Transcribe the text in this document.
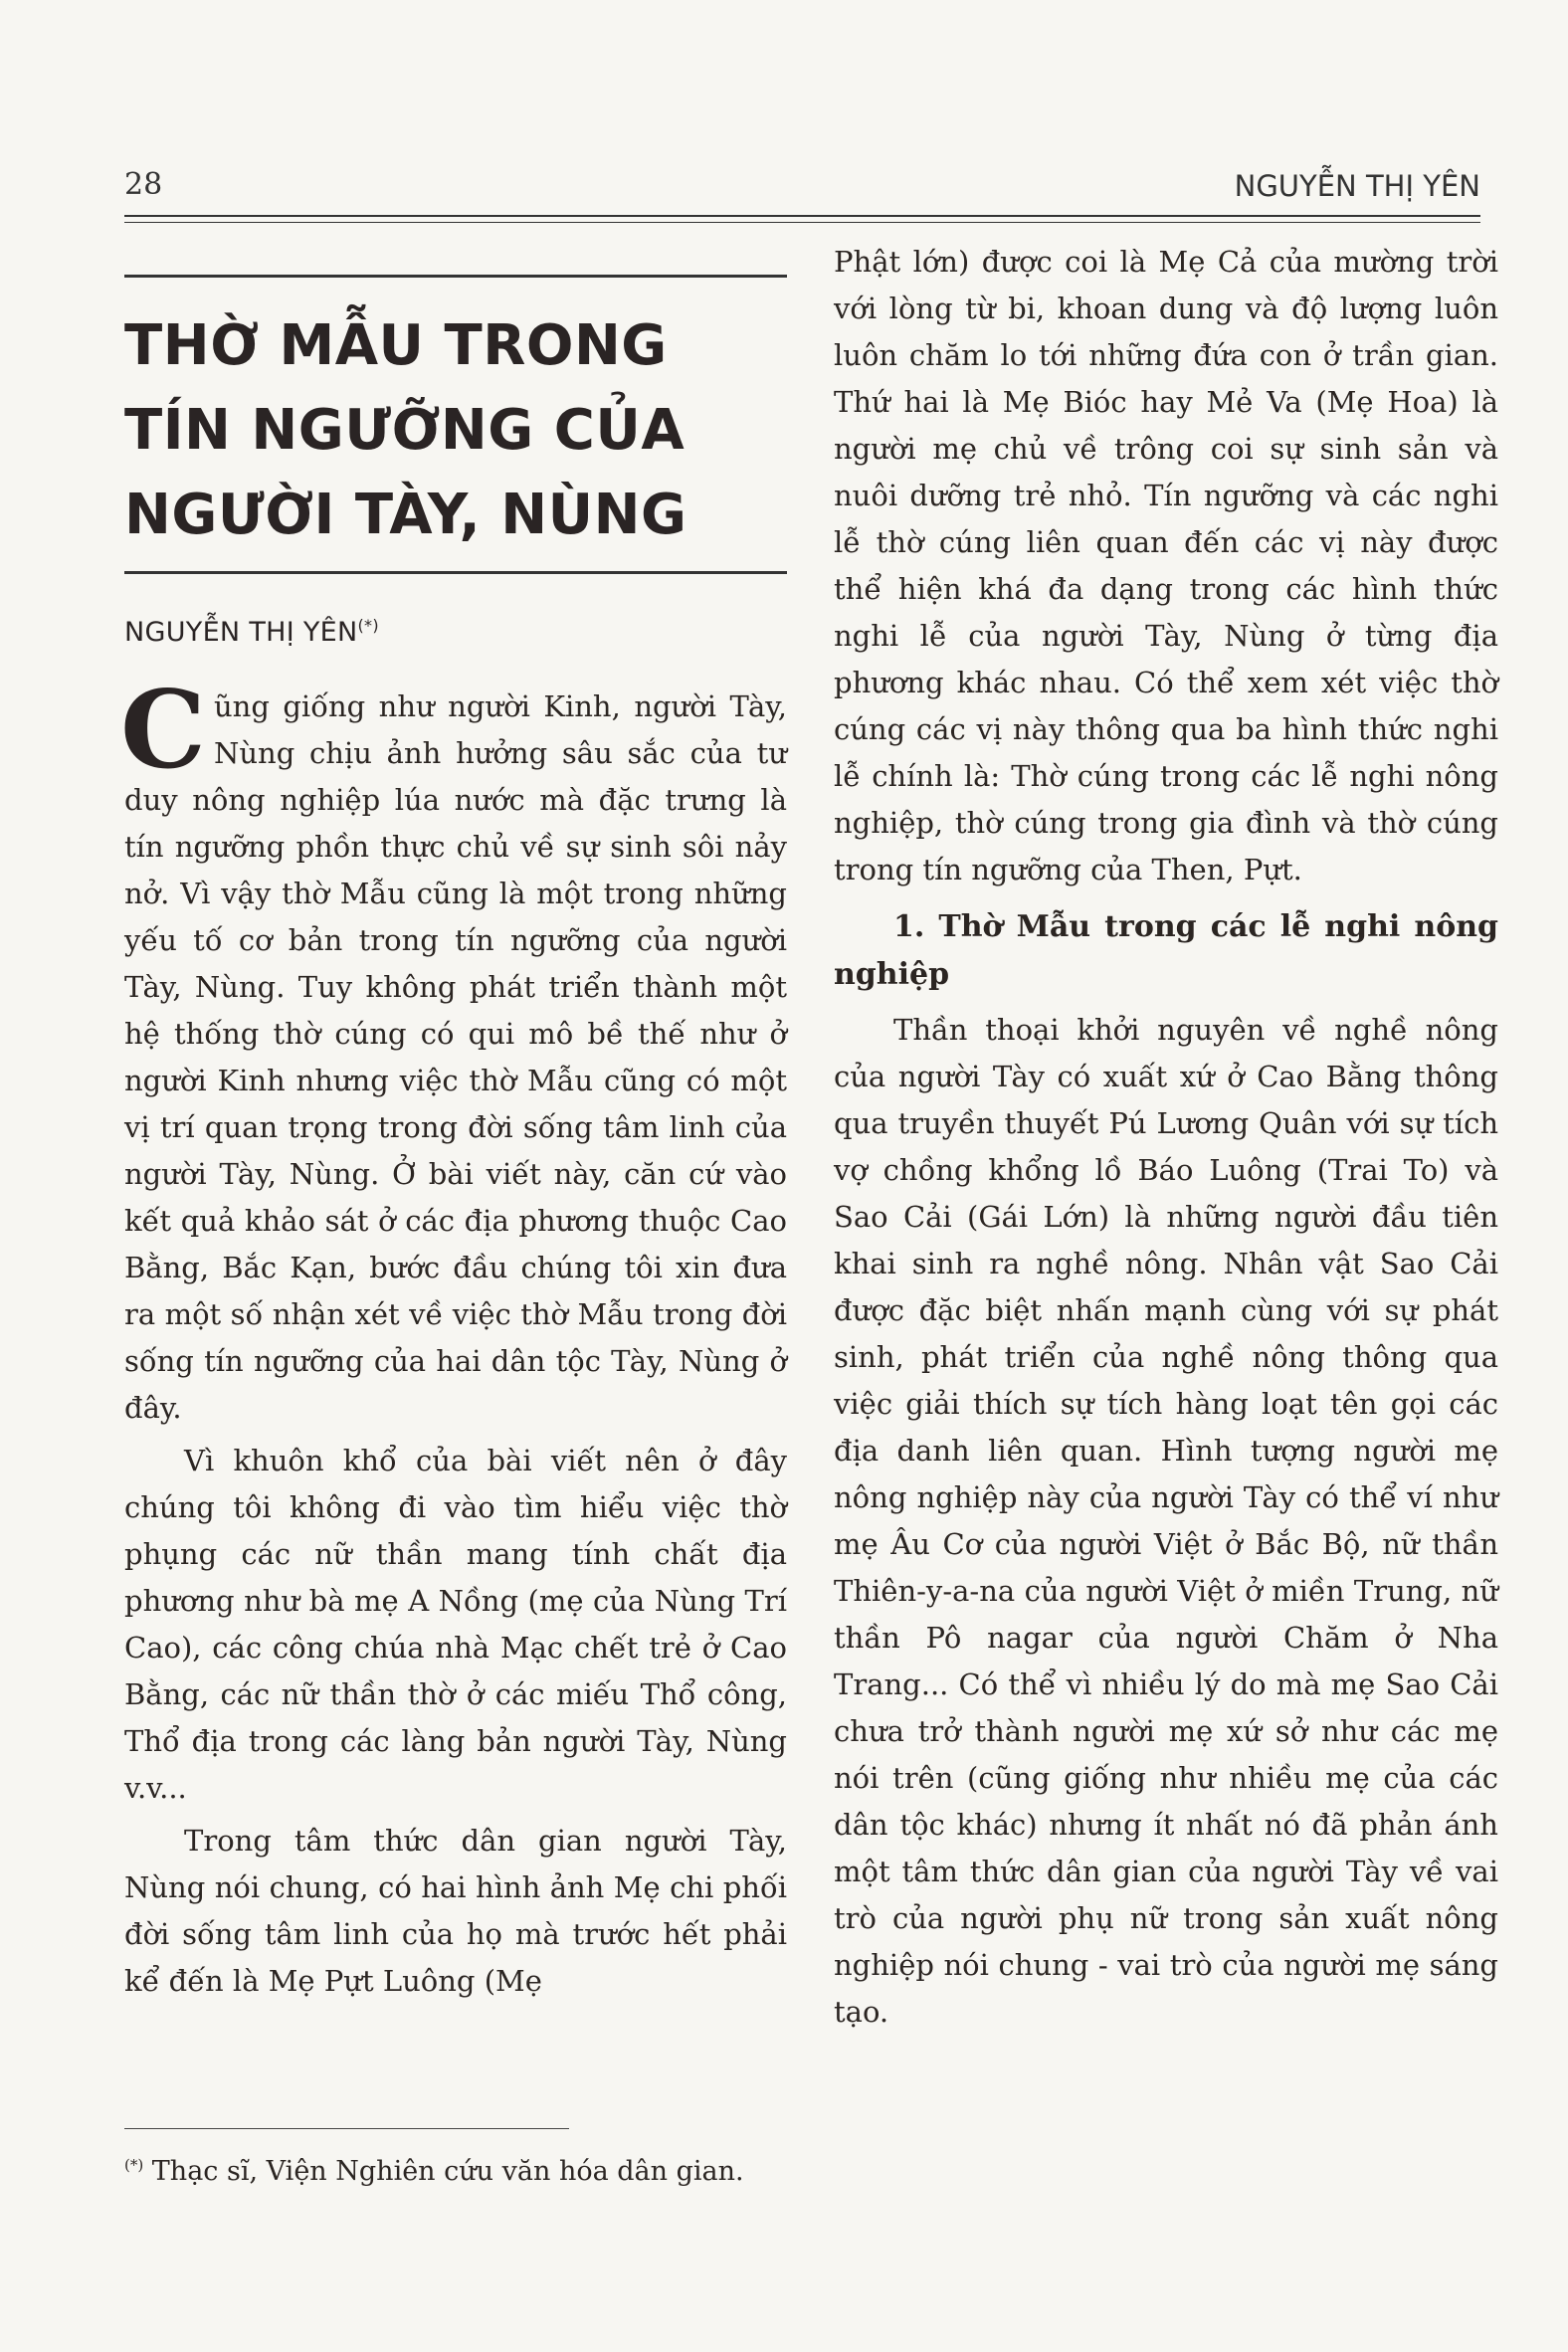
28	NGUYỄN THỊ YÊN
THỜ MẪU TRONG
TÍN NGƯỠNG CỦA
NGƯỜI TÀY, NÙNG
NGUYỄN THỊ YÊN(*)

Cũng giống như người Kinh, người Tày, Nùng chịu ảnh hưởng sâu sắc của tư duy nông nghiệp lúa nước mà đặc trưng là tín ngưỡng phồn thực chủ về sự sinh sôi nảy nở. Vì vậy thờ Mẫu cũng là một trong những yếu tố cơ bản trong tín ngưỡng của người Tày, Nùng. Tuy không phát triển thành một hệ thống thờ cúng có qui mô bề thế như ở người Kinh nhưng việc thờ Mẫu cũng có một vị trí quan trọng trong đời sống tâm linh của người Tày, Nùng. Ở bài viết này, căn cứ vào kết quả khảo sát ở các địa phương thuộc Cao Bằng, Bắc Kạn, bước đầu chúng tôi xin đưa ra một số nhận xét về việc thờ Mẫu trong đời sống tín ngưỡng của hai dân tộc Tày, Nùng ở đây.

Vì khuôn khổ của bài viết nên ở đây chúng tôi không đi vào tìm hiểu việc thờ phụng các nữ thần mang tính chất địa phương như bà mẹ A Nồng (mẹ của Nùng Trí Cao), các công chúa nhà Mạc chết trẻ ở Cao Bằng, các nữ thần thờ ở các miếu Thổ công, Thổ địa trong các làng bản người Tày, Nùng v.v...

Trong tâm thức dân gian người Tày, Nùng nói chung, có hai hình ảnh Mẹ chi phối đời sống tâm linh của họ mà trước hết phải kể đến là Mẹ Pựt Luông (Mẹ

Phật lớn) được coi là Mẹ Cả của mường trời với lòng từ bi, khoan dung và độ lượng luôn luôn chăm lo tới những đứa con ở trần gian. Thứ hai là Mẹ Bióc hay Mẻ Va (Mẹ Hoa) là người mẹ chủ về trông coi sự sinh sản và nuôi dưỡng trẻ nhỏ. Tín ngưỡng và các nghi lễ thờ cúng liên quan đến các vị này được thể hiện khá đa dạng trong các hình thức nghi lễ của người Tày, Nùng ở từng địa phương khác nhau. Có thể xem xét việc thờ cúng các vị này thông qua ba hình thức nghi lễ chính là: Thờ cúng trong các lễ nghi nông nghiệp, thờ cúng trong gia đình và thờ cúng trong tín ngưỡng của Then, Pựt.

1. Thờ Mẫu trong các lễ nghi nông nghiệp

Thần thoại khởi nguyên về nghề nông của người Tày có xuất xứ ở Cao Bằng thông qua truyền thuyết Pú Lương Quân với sự tích vợ chồng khổng lồ Báo Luông (Trai To) và Sao Cải (Gái Lớn) là những người đầu tiên khai sinh ra nghề nông. Nhân vật Sao Cải được đặc biệt nhấn mạnh cùng với sự phát sinh, phát triển của nghề nông thông qua việc giải thích sự tích hàng loạt tên gọi các địa danh liên quan. Hình tượng người mẹ nông nghiệp này của người Tày có thể ví như mẹ Âu Cơ của người Việt ở Bắc Bộ, nữ thần Thiên-y-a-na của người Việt ở miền Trung, nữ thần Pô nagar của người Chăm ở Nha Trang... Có thể vì nhiều lý do mà mẹ Sao Cải chưa trở thành người mẹ xứ sở như các mẹ nói trên (cũng giống như nhiều mẹ của các dân tộc khác) nhưng ít nhất nó đã phản ánh một tâm thức dân gian của người Tày về vai trò của người phụ nữ trong sản xuất nông nghiệp nói chung - vai trò của người mẹ sáng tạo.

(*) Thạc sĩ, Viện Nghiên cứu văn hóa dân gian.
